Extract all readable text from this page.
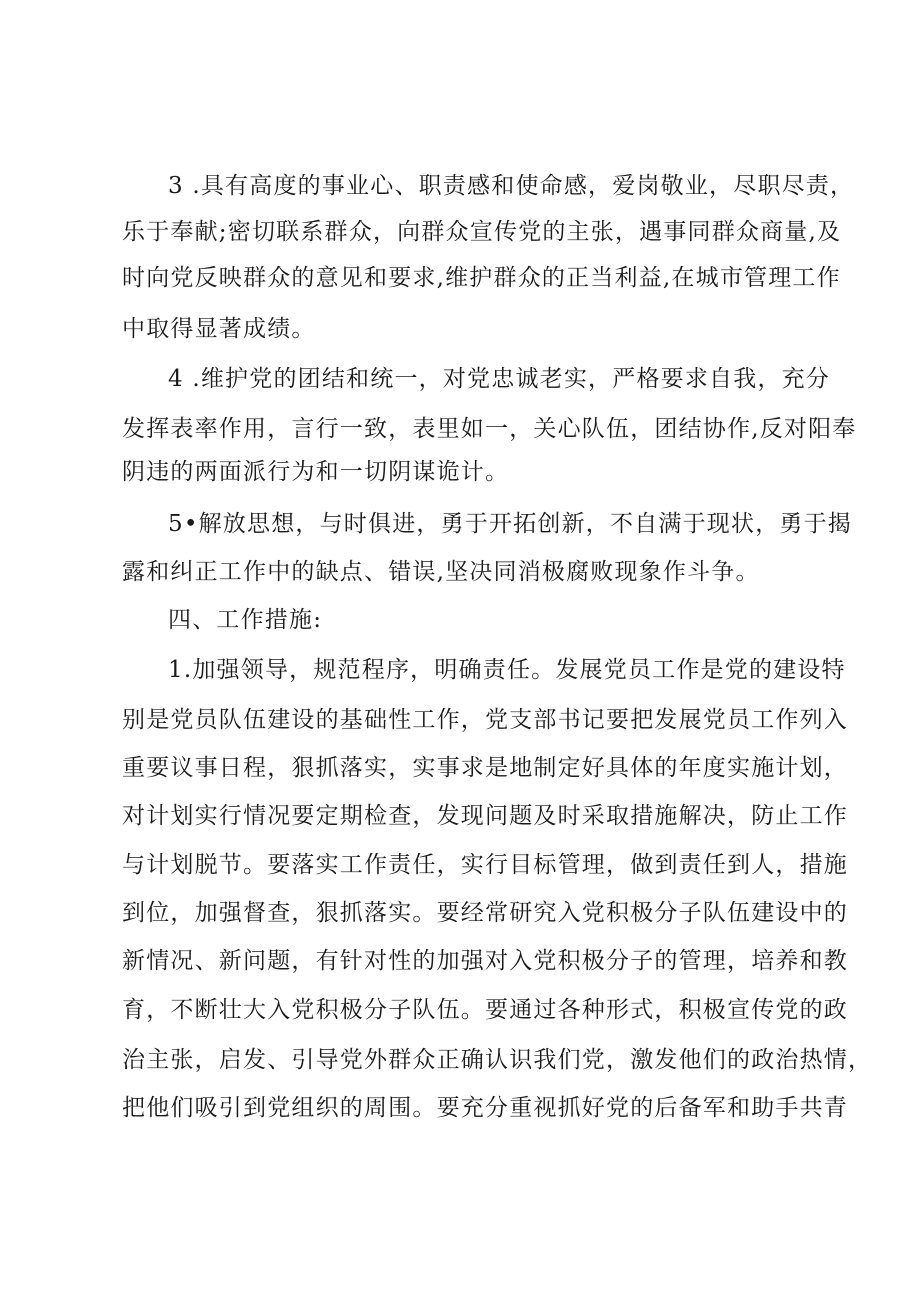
3 .具有高度的事业心、职责感和使命感，爱岗敬业，尽职尽责，
乐于奉献;密切联系群众，向群众宣传党的主张，遇事同群众商量,及
时向党反映群众的意见和要求,维护群众的正当利益,在城市管理工作
中取得显著成绩。
4 .维护党的团结和统一，对党忠诚老实，严格要求自我，充分
发挥表率作用，言行一致，表里如一，关心队伍，团结协作,反对阳奉
阴违的两面派行为和一切阴谋诡计。
5•解放思想，与时俱进，勇于开拓创新，不自满于现状，勇于揭
露和纠正工作中的缺点、错误,坚决同消极腐败现象作斗争。
四、工作措施:
1.加强领导，规范程序，明确责任。发展党员工作是党的建设特
别是党员队伍建设的基础性工作，党支部书记要把发展党员工作列入
重要议事日程，狠抓落实，实事求是地制定好具体的年度实施计划，
对计划实行情况要定期检查，发现问题及时采取措施解决，防止工作
与计划脱节。要落实工作责任，实行目标管理，做到责任到人，措施
到位，加强督查，狠抓落实。要经常研究入党积极分子队伍建设中的
新情况、新问题，有针对性的加强对入党积极分子的管理，培养和教
育，不断壮大入党积极分子队伍。要通过各种形式，积极宣传党的政
治主张，启发、引导党外群众正确认识我们党，激发他们的政治热情，
把他们吸引到党组织的周围。要充分重视抓好党的后备军和助手共青
